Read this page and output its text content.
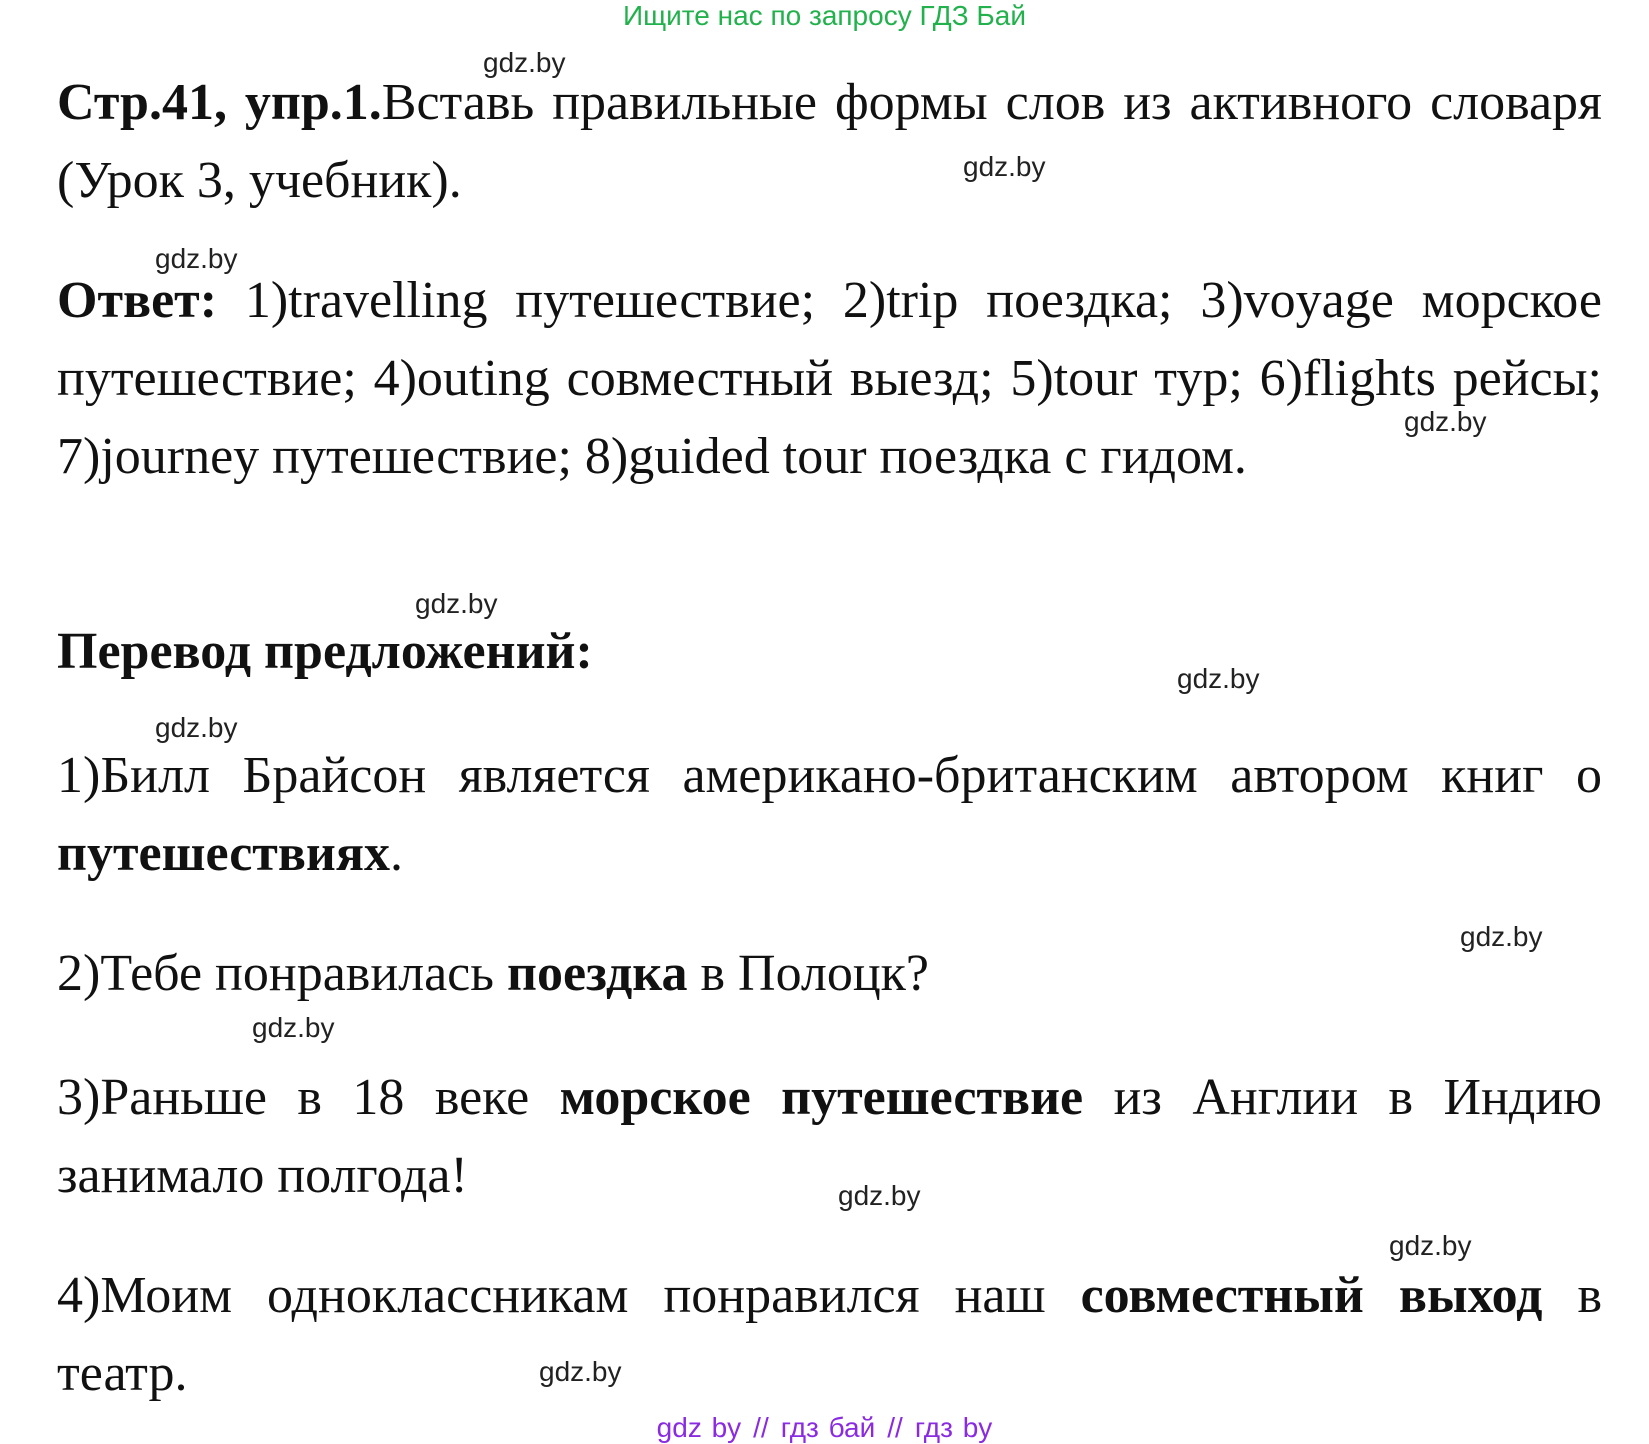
Ищите нас по запросу ГДЗ Бай
gdz.by
gdz.by
gdz.by
gdz.by
gdz.by
gdz.by
gdz.by
gdz.by
gdz.by
gdz.by
gdz.by
gdz.by

Стр.41, упр.1.Вставь правильные формы слов из активного словаря (Урок 3, учебник).

Ответ: 1)travelling путешествие; 2)trip поездка; 3)voyage морское путешествие; 4)outing совместный выезд; 5)tour тур; 6)flights рейсы; 7)journey путешествие; 8)guided tour поездка с гидом.

Перевод предложений:

1)Билл Брайсон является американо-британским автором книг о путешествиях.

2)Тебе понравилась поездка в Полоцк?

3)Раньше в 18 веке морское путешествие из Англии в Индию занимало полгода!

4)Моим одноклассникам понравился наш совместный выход в театр.

gdz by // гдз бай // гдз by
